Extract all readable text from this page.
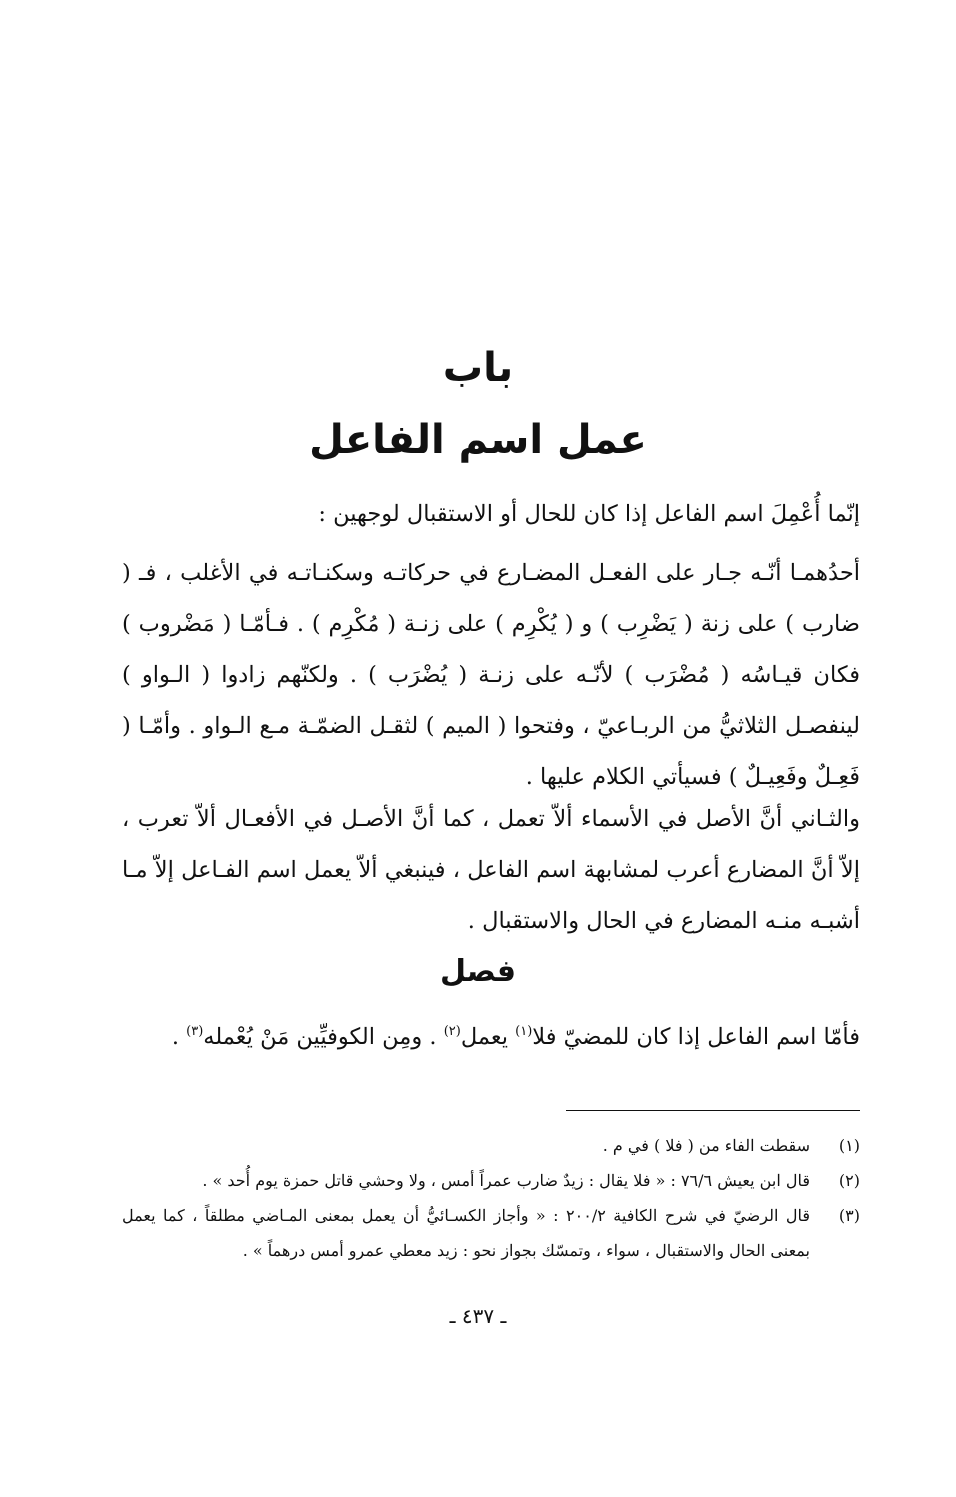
باب
عمل اسم الفاعل

إنّما أُعْمِلَ اسم الفاعل إذا كان للحال أو الاستقبال لوجهين :

أحدُهمـا أنّـه جـار على الفعـل المضـارع في حركاتـه وسكنـاتـه في الأغلب ، فـ ( ضارب ) على زنة ( يَضْرِب ) و ( يُكْرِم ) على زنـة ( مُكْرِم ) . فـأمّـا ( مَضْروب ) فكان قيـاسُه ( مُضْرَب ) لأنّـه على زنـة ( يُضْرَب ) . ولكنّهم زادوا ( الـواو ) لينفصـل الثلاثيُّ من الربـاعيّ ، وفتحوا ( الميم ) لثقـل الضمّـة مـع الـواو . وأمّـا ( فَعِـلٌ وفَعِيـلٌ ) فسيأتي الكلام عليها .

والثـاني أنَّ الأصل في الأسماء ألاّ تعمل ، كما أنَّ الأصـل في الأفعـال ألاّ تعرب ، إلاّ أنَّ المضارع أعرب لمشابهة اسم الفاعل ، فينبغي ألاّ يعمل اسم الفـاعل إلاّ مـا أشبـه منـه المضارع في الحال والاستقبال .

فصل

فأمّا اسم الفاعل إذا كان للمضيّ فلا$^{(١)}$ يعمل$^{(٢)}$ . ومِن الكوفيِّين مَنْ يُعْمله$^{(٣)}$ .

(١)
سقطت الفاء من ( فلا ) في م .
(٢)
قال ابن يعيش ٧٦/٦ : « فلا يقال : زيدٌ ضارب عمراً أمس ، ولا وحشي قاتل حمزة يوم أُحد » .
(٣)
قال الرضيّ في شرح الكافية ٢٠٠/٢ : « وأجاز الكسـائيُّ أن يعمل بمعنى المـاضي مطلقاً ، كما يعمل بمعنى الحال والاستقبال ، سواء ، وتمسّك بجواز نحو : زيد معطي عمرو أمس درهماً » .
ـ ٤٣٧ ـ
